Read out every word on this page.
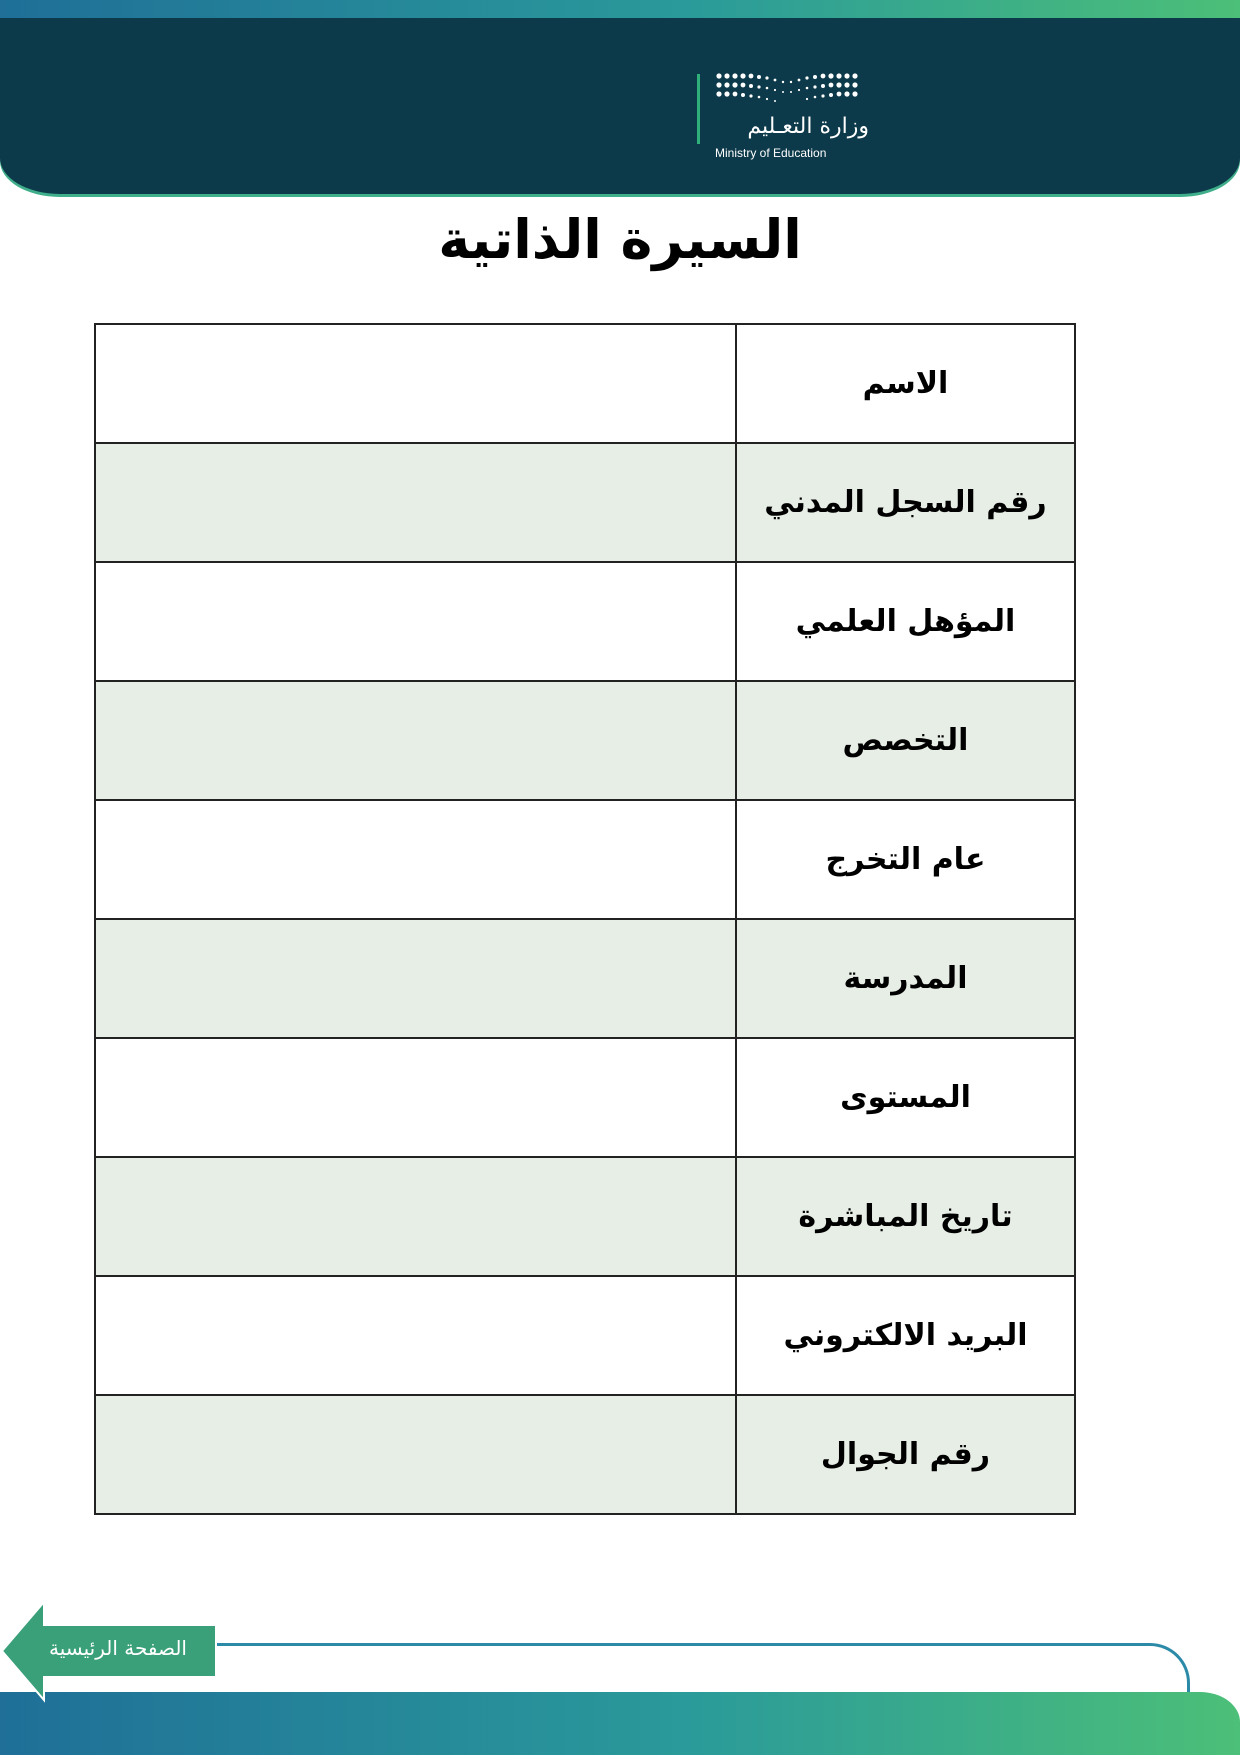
وزارة التعـليم
Ministry of Education
السيرة الذاتية
الاسم	
رقم السجل المدني	
المؤهل العلمي	
التخصص	
عام التخرج	
المدرسة	
المستوى	
تاريخ المباشرة	
البريد الالكتروني	
رقم الجوال	
الصفحة الرئيسية
